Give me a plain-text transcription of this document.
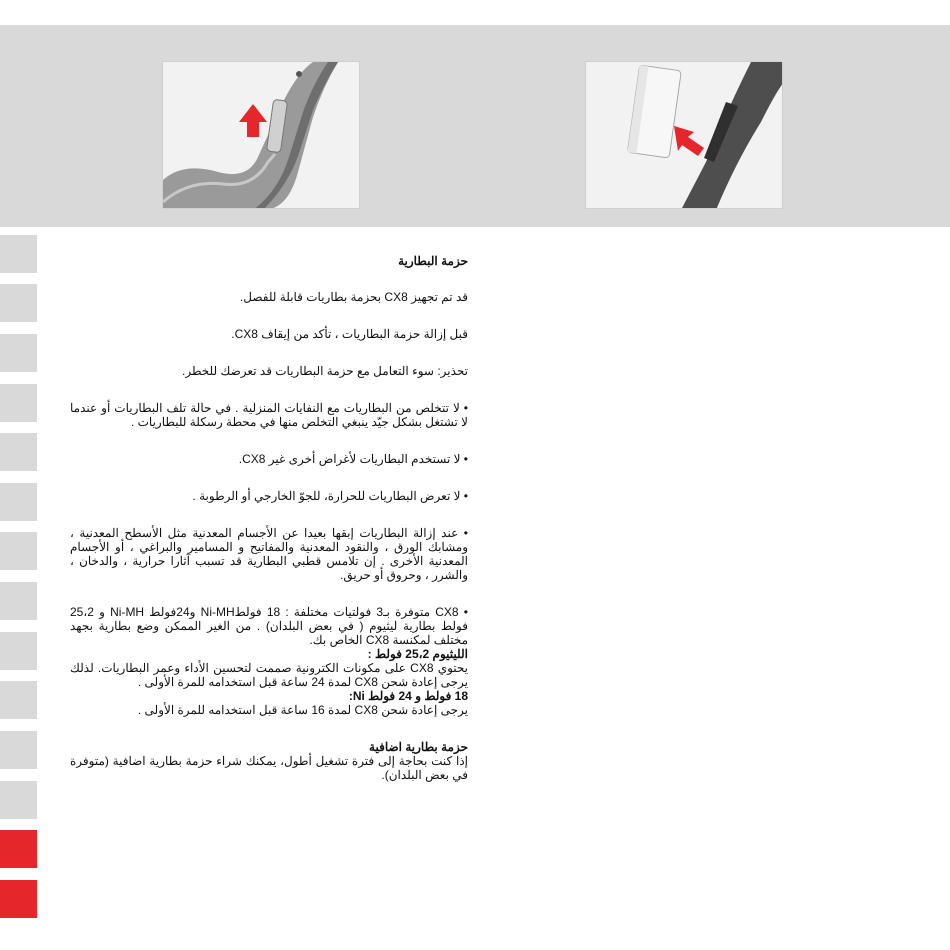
حزمة البطارية

قد تم تجهيز CX8 بحزمة بطاريات قابلة للفصل.

قبل إزالة حزمة البطاريات ، تأكد من إيقاف CX8.

تحذير: سوء التعامل مع حزمة البطاريات قد تعرضك للخطر.

• لا تتخلص من البطاريات مع النفايات المنزلية . في حالة تلف البطاريات أو عندما لا تشتغل بشكل جيّد ينبغي التخلص منها في محطة رسكلة للبطاريات .

• لا تستخدم البطاريات لأغراض أخرى غير CX8.

• لا تعرض البطاريات للحرارة، للجوّ الخارجي أو الرطوبة .

• عند إزالة البطاريات إبقها بعيدا عن الأجسام المعدنية مثل الأسطح المعدنية ، ومشابك الورق ، والنقود المعدنية والمفاتيح و المسامير والبراغي ، أو الأجسام المعدنية الأخرى . إن تلامس قطبي البطارية قد تسبب آثارا حرارية ، والدخان ، والشرر ، وحروق أو حريق.

• CX8 متوفرة بـ3 فولتيات مختلفة : 18 فولطNi-MH و24فولط Ni-MH و 25،2 فولط بطارية ليثيوم ( في بعض البلدان) . من الغير الممكن وضع بطارية بجهد مختلف لمكنسة CX8 الخاص بك.

الليثيوم 25،2 فولط :

يحتوي CX8 على مكونات الكترونية صممت لتحسين الأداء وعمر البطاريات. لذلك يرجى إعادة شحن CX8 لمدة 24 ساعة قبل استخدامه للمرة الأولى .

18 فولط و 24 فولط Ni:

يرجى إعادة شحن CX8 لمدة 16 ساعة قبل استخدامه للمرة الأولى .

حزمة بطارية اضافية

إذا كنت بحاجة إلى فترة تشغيل أطول، يمكنك شراء حزمة بطارية اضافية (متوفرة في بعض البلدان).
